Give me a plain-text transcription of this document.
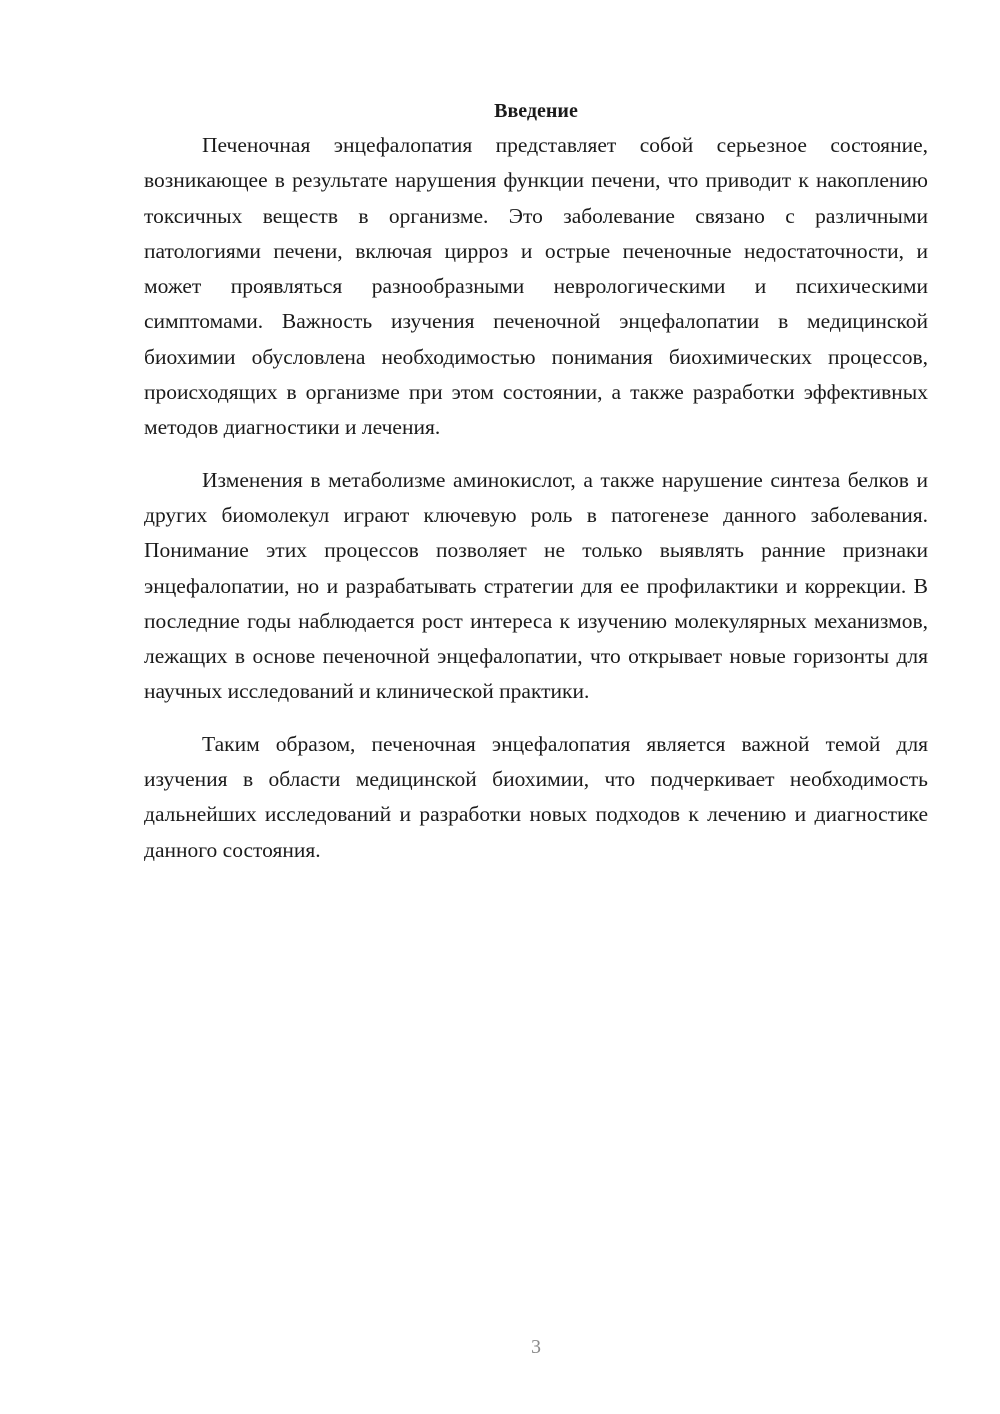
Введение

Печеночная энцефалопатия представляет собой серьезное состояние, возникающее в результате нарушения функции печени, что приводит к накоплению токсичных веществ в организме. Это заболевание связано с различными патологиями печени, включая цирроз и острые печеночные недостаточности, и может проявляться разнообразными неврологическими и психическими симптомами. Важность изучения печеночной энцефалопатии в медицинской биохимии обусловлена необходимостью понимания биохимических процессов, происходящих в организме при этом состоянии, а также разработки эффективных методов диагностики и лечения.

Изменения в метаболизме аминокислот, а также нарушение синтеза белков и других биомолекул играют ключевую роль в патогенезе данного заболевания. Понимание этих процессов позволяет не только выявлять ранние признаки энцефалопатии, но и разрабатывать стратегии для ее профилактики и коррекции. В последние годы наблюдается рост интереса к изучению молекулярных механизмов, лежащих в основе печеночной энцефалопатии, что открывает новые горизонты для научных исследований и клинической практики.

Таким образом, печеночная энцефалопатия является важной темой для изучения в области медицинской биохимии, что подчеркивает необходимость дальнейших исследований и разработки новых подходов к лечению и диагностике данного состояния.

3
